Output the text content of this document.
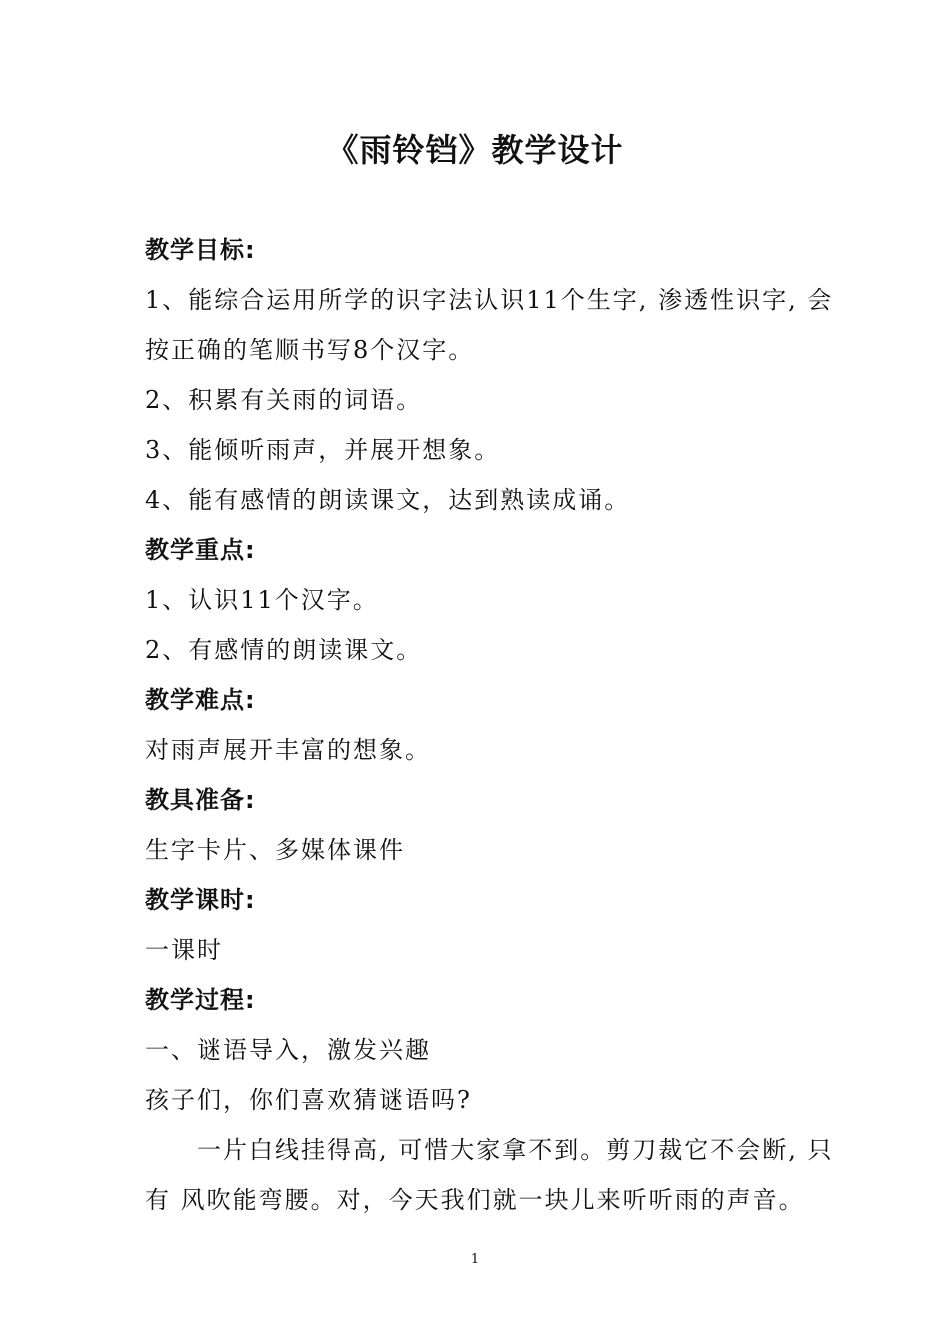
《雨铃铛》教学设计
教学目标:
1、能综合运用所学的识字法认识11个生字, 渗透性识字, 会
按正确的笔顺书写8个汉字。
2、积累有关雨的词语。
3、能倾听雨声，并展开想象。
4、能有感情的朗读课文，达到熟读成诵。
教学重点:
1、认识11个汉字。
2、有感情的朗读课文。
教学难点:
对雨声展开丰富的想象。
教具准备:
生字卡片、多媒体课件
教学课时:
一课时
教学过程:
一、谜语导入，激发兴趣
孩子们，你们喜欢猜谜语吗?
一片白线挂得高, 可惜大家拿不到。剪刀裁它不会断, 只
有 风吹能弯腰。对，今天我们就一块儿来听听雨的声音。
1
